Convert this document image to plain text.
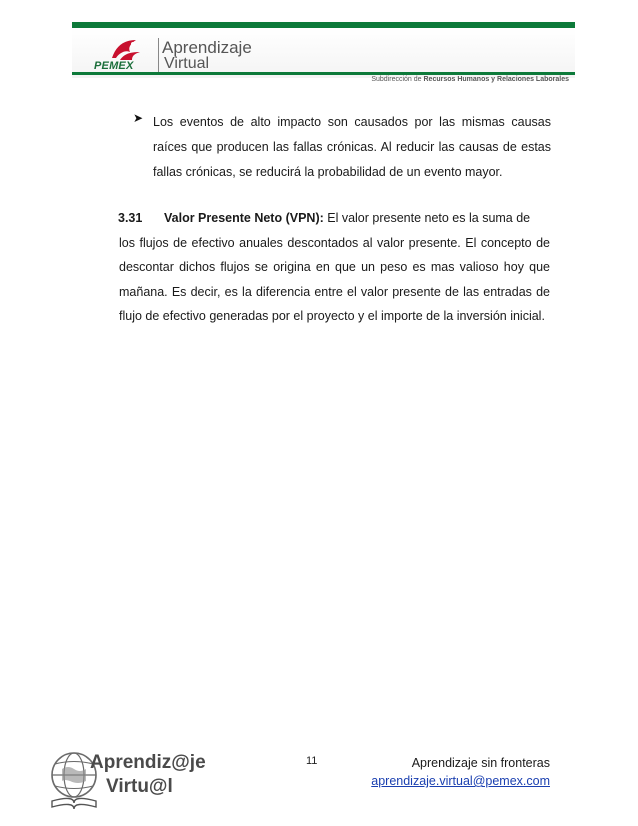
PEMEX
Aprendizaje
Virtual
Subdirección de Recursos Humanos y Relaciones Laborales
➤ Los eventos de alto impacto son causados por las mismas causas raíces que producen las fallas crónicas. Al reducir las causas de estas fallas crónicas, se reducirá la probabilidad de un evento mayor.

3.31 Valor Presente Neto (VPN): El valor presente neto es la suma de

los flujos de efectivo anuales descontados al valor presente. El concepto de descontar dichos flujos se origina en que un peso es mas valioso hoy que mañana. Es decir, es la diferencia entre el valor presente de las entradas de flujo de efectivo generadas por el proyecto y el importe de la inversión inicial.

Aprendiz@je
Virtu@l
11	Aprendizaje sin fronteras
aprendizaje.virtual@pemex.com
